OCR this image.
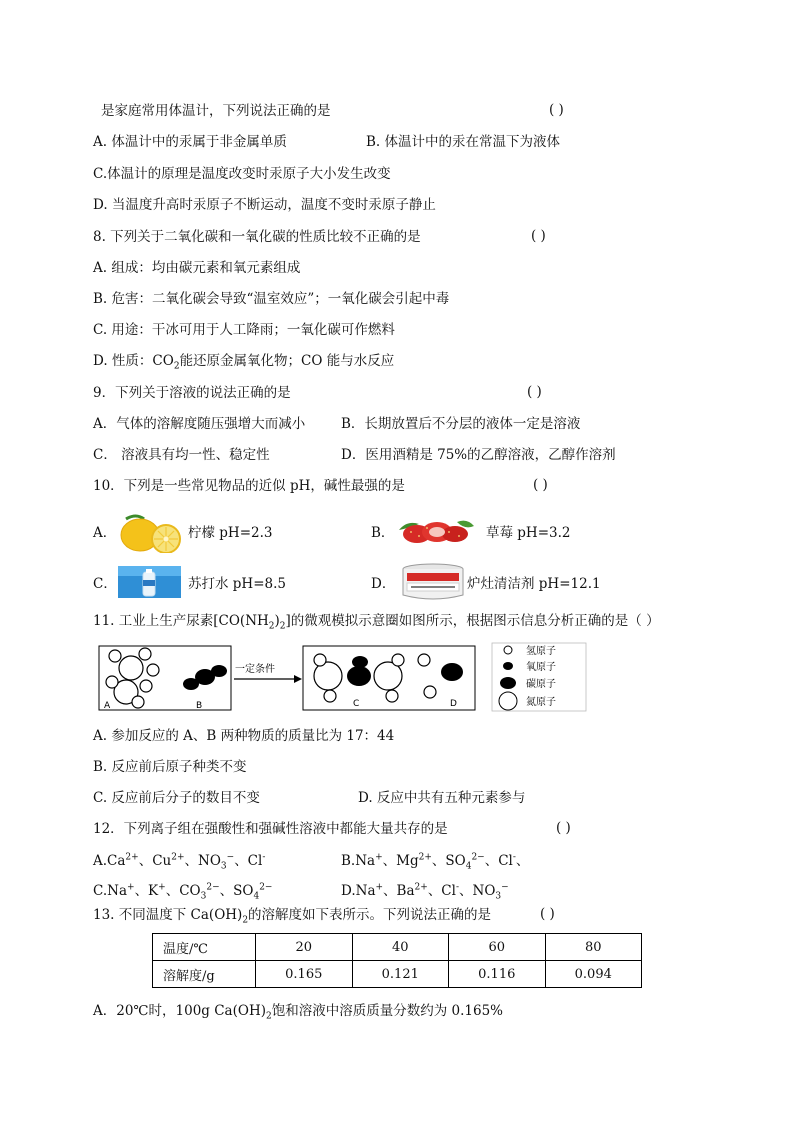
是家庭常用体温计，下列说法正确的是	( )
A. 体温计中的汞属于非金属单质	B. 体温计中的汞在常温下为液体
C.体温计的原理是温度改变时汞原子大小发生改变
D. 当温度升高时汞原子不断运动，温度不变时汞原子静止
8. 下列关于二氧化碳和一氧化碳的性质比较不正确的是	( )
A. 组成：均由碳元素和氧元素组成
B. 危害：二氧化碳会导致“温室效应”；一氧化碳会引起中毒
C. 用途：干冰可用于人工降雨；一氧化碳可作燃料
D. 性质：$CO_2$能还原金属氧化物；CO 能与水反应
9．下列关于溶液的说法正确的是	( )
A．气体的溶解度随压强增大而减小	B．长期放置后不分层的液体一定是溶液
C． 溶液具有均一性、稳定性	D．医用酒精是 75%的乙醇溶液，乙醇作溶剂
10．下列是一些常见物品的近似 pH，碱性最强的是	( )
A．	柠檬 pH=2.3	B．	草莓 pH=3.2
C．	苏打水 pH=8.5	D．	炉灶清洁剂 pH=12.1
11. 工业上生产尿素$[CO(NH_2)_2]$的微观模拟示意圈如图所示，根据图示信息分析正确的是（ ）
A	B
一定条件
C	D
氢原子
氧原子
碳原子
氮原子
A. 参加反应的 A、B 两种物质的质量比为 17：44
B. 反应前后原子种类不变
C. 反应前后分子的数目不变	D. 反应中共有五种元素参与
12．下列离子组在强酸性和强碱性溶液中都能大量共存的是	( )
$A.Ca^{2+}$、$Cu^{2+}$、$NO_3^-$、Cl-	B.Na+、$Mg^{2+}$、$SO_4^{2-}$、Cl-、
C.Na+、K+、$CO_3^{2-}$、$SO_4^{2-}$	D.Na+、$Ba^{2+}$、Cl-、$NO_3^-$
13. 不同温度下 $Ca(OH)_2$的溶解度如下表所示。下列说法正确的是	( )
温度/℃	20	40	60	80
溶解度/g	0.165	0.121	0.116	0.094
A．20℃时，100g $Ca(OH)_2$饱和溶液中溶质质量分数约为 0.165%
